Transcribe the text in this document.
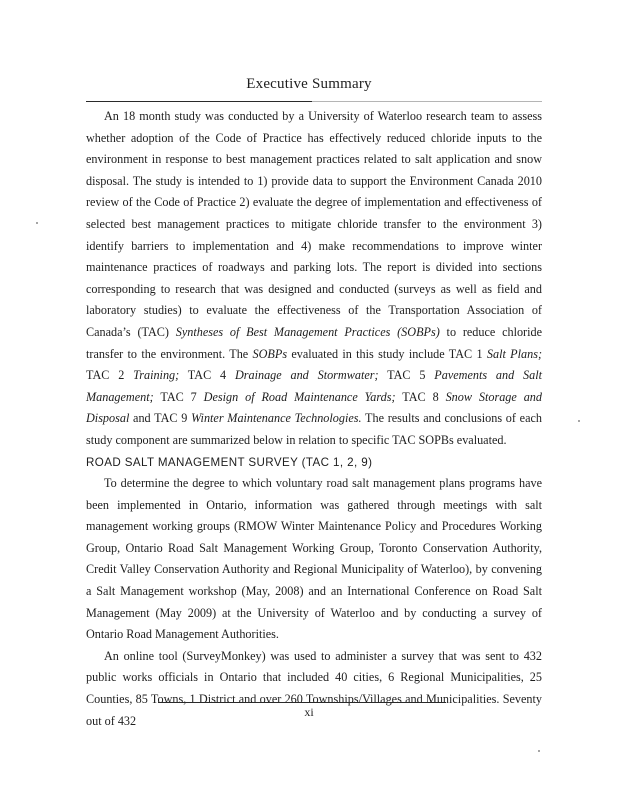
Executive Summary

An 18 month study was conducted by a University of Waterloo research team to assess whether adoption of the Code of Practice has effectively reduced chloride inputs to the environment in response to best management practices related to salt application and snow disposal. The study is intended to 1) provide data to support the Environment Canada 2010 review of the Code of Practice 2) evaluate the degree of implementation and effectiveness of selected best management practices to mitigate chloride transfer to the environment 3) identify barriers to implementation and 4) make recommendations to improve winter maintenance practices of roadways and parking lots. The report is divided into sections corresponding to research that was designed and conducted (surveys as well as field and laboratory studies) to evaluate the effectiveness of the Transportation Association of Canada’s (TAC) Syntheses of Best Management Practices (SOBPs) to reduce chloride transfer to the environment. The SOBPs evaluated in this study include TAC 1 Salt Plans; TAC 2 Training; TAC 4 Drainage and Stormwater; TAC 5 Pavements and Salt Management; TAC 7 Design of Road Maintenance Yards; TAC 8 Snow Storage and Disposal and TAC 9 Winter Maintenance Technologies. The results and conclusions of each study component are summarized below in relation to specific TAC SOPBs evaluated.

ROAD SALT MANAGEMENT SURVEY (TAC 1, 2, 9)

To determine the degree to which voluntary road salt management plans programs have been implemented in Ontario, information was gathered through meetings with salt management working groups (RMOW Winter Maintenance Policy and Procedures Working Group, Ontario Road Salt Management Working Group, Toronto Conservation Authority, Credit Valley Conservation Authority and Regional Municipality of Waterloo), by convening a Salt Management workshop (May, 2008) and an International Conference on Road Salt Management (May 2009) at the University of Waterloo and by conducting a survey of Ontario Road Management Authorities.

An online tool (SurveyMonkey) was used to administer a survey that was sent to 432 public works officials in Ontario that included 40 cities, 6 Regional Municipalities, 25 Counties, 85 Towns, 1 District and over 260 Townships/Villages and Municipalities. Seventy out of 432

xi
